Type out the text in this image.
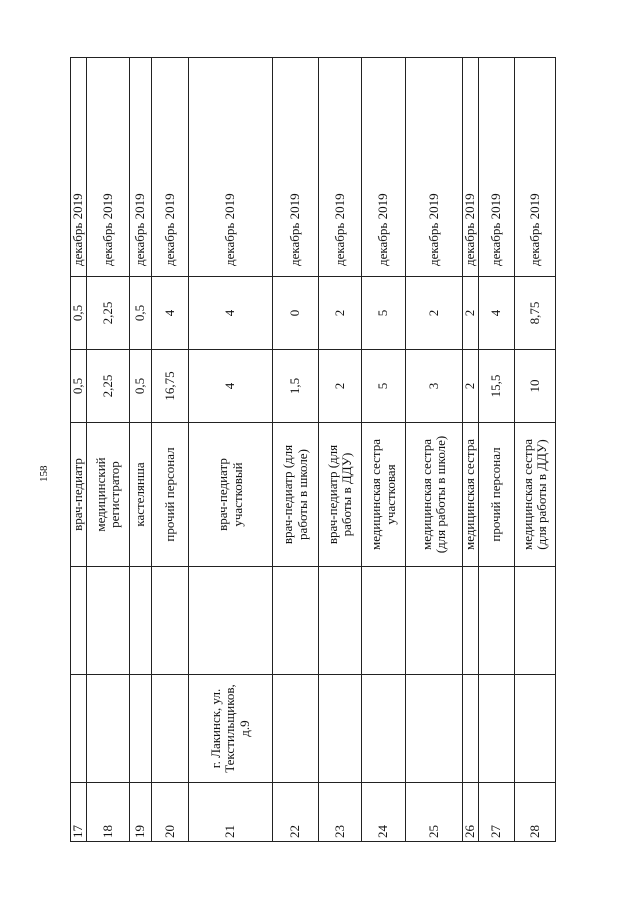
158
17			врач-педиатр	0,5	0,5	декабрь 2019
18			медицинский регистратор	2,25	2,25	декабрь 2019
19			кастелянша	0,5	0,5	декабрь 2019
20			прочий персонал	16,75	4	декабрь 2019
21	г. Лакинск, ул. Текстильщиков, д.9		врач-педиатр участковый	4	4	декабрь 2019
22			врач-педиатр (для работы в школе)	1,5	0	декабрь 2019
23			врач-педиатр (для работы в ДДУ)	2	2	декабрь 2019
24			медицинская сестра участковая	5	5	декабрь 2019
25			медицинская сестра (для работы в школе)	3	2	декабрь 2019
26			медицинская сестра	2	2	декабрь 2019
27			прочий персонал	15,5	4	декабрь 2019
28			медицинская сестра (для работы в ДДУ)	10	8,75	декабрь 2019
